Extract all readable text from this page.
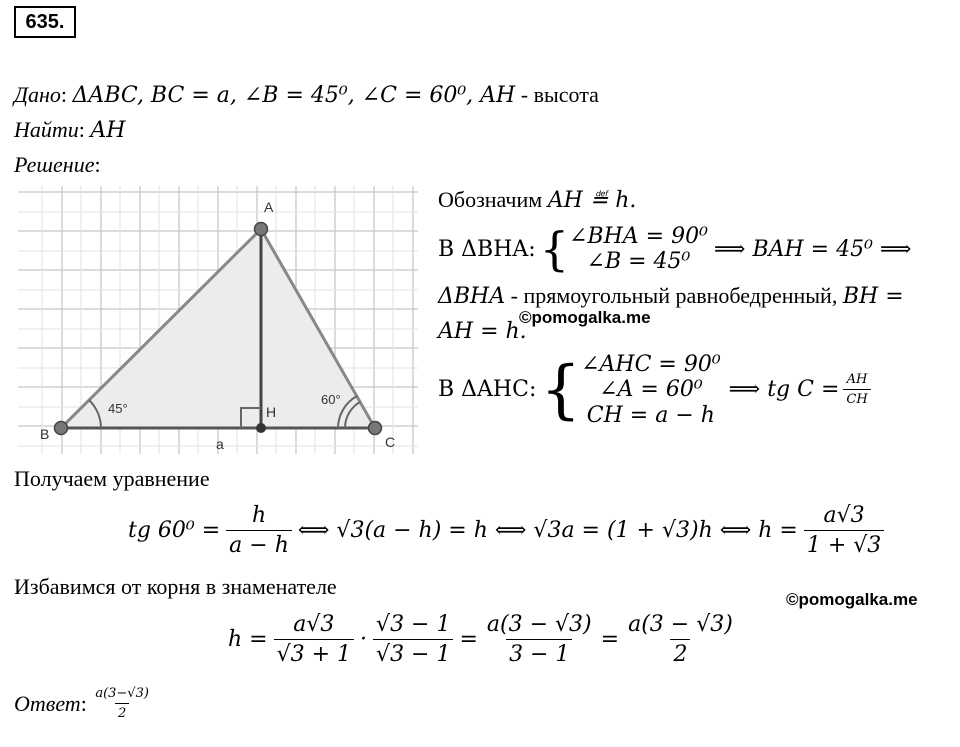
635.
Дано: ΔABC, BC = a, ∠B = 45⁰, ∠C = 60⁰, AH - высота
Найти: AH
Решение:
A
B	C
H
a
45°
60°
Обозначим AH ≝ h.
В ΔBHA: { ∠BHA = 90⁰
∠B = 45⁰ ⟹ BAH = 45⁰ ⟹
ΔBHA - прямоугольный равнобедренный, BH =
AH = h.
©pomogalka.me
В ΔAHC: { ∠AHC = 90⁰
∠A = 60⁰
CH = a − h
⟹ tg $C = \frac{AH}{CH}$
Получаем уравнение
tg $60^0 = \frac{h}{a - h}$ ⟺ √3(a − h) = h ⟺ √3a = (1 + √3)h ⟺ $h = \frac{a√3}{1 + √3}$
Избавимся от корня в знаменателе
©pomogalka.me
$h = \frac{a√3}{√3 + 1} \cdot \frac{√3 - 1}{√3 - 1} = \frac{a(3 - √3)}{3 - 1} = \frac{a(3 - √3)}{2}$
Ответ : $\frac{a(3-√3)}{2}$
